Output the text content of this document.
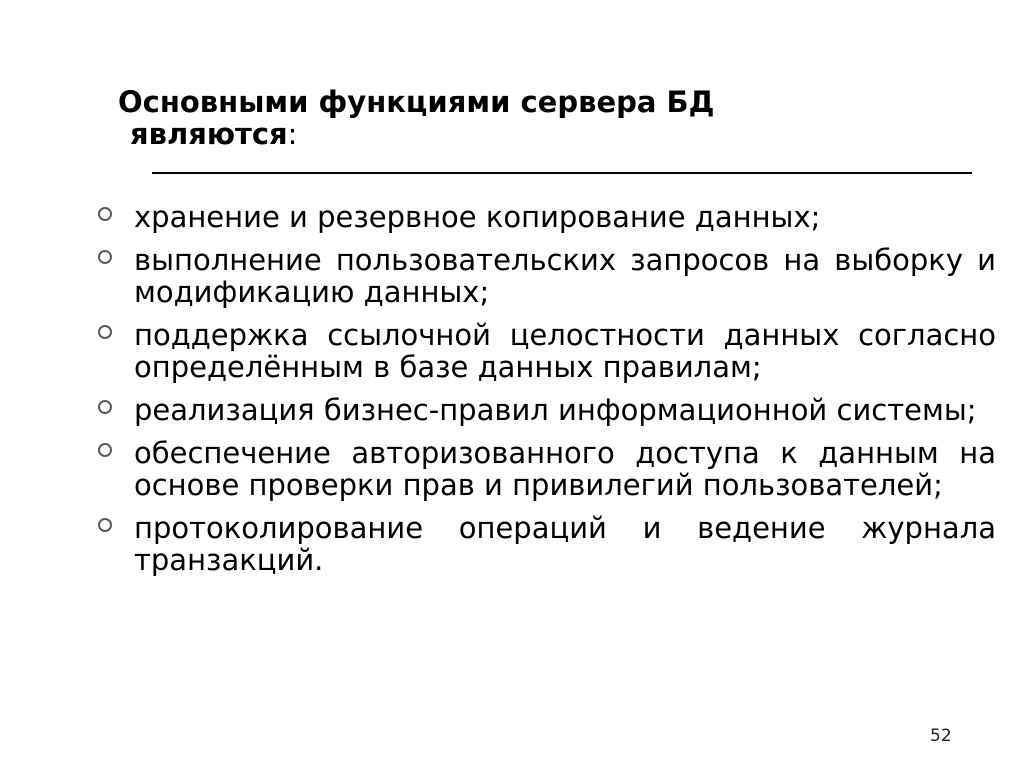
Основными функциями сервера БД
являются:
хранение и резервное копирование данных;
выполнение пользовательских запросов на выборку и модификацию данных;
поддержка ссылочной целостности данных согласно определённым в базе данных правилам;
реализация бизнес-правил информационной системы;
обеспечение авторизованного доступа к данным на основе проверки прав и привилегий пользователей;
протоколирование операций и ведение журнала транзакций.
52
